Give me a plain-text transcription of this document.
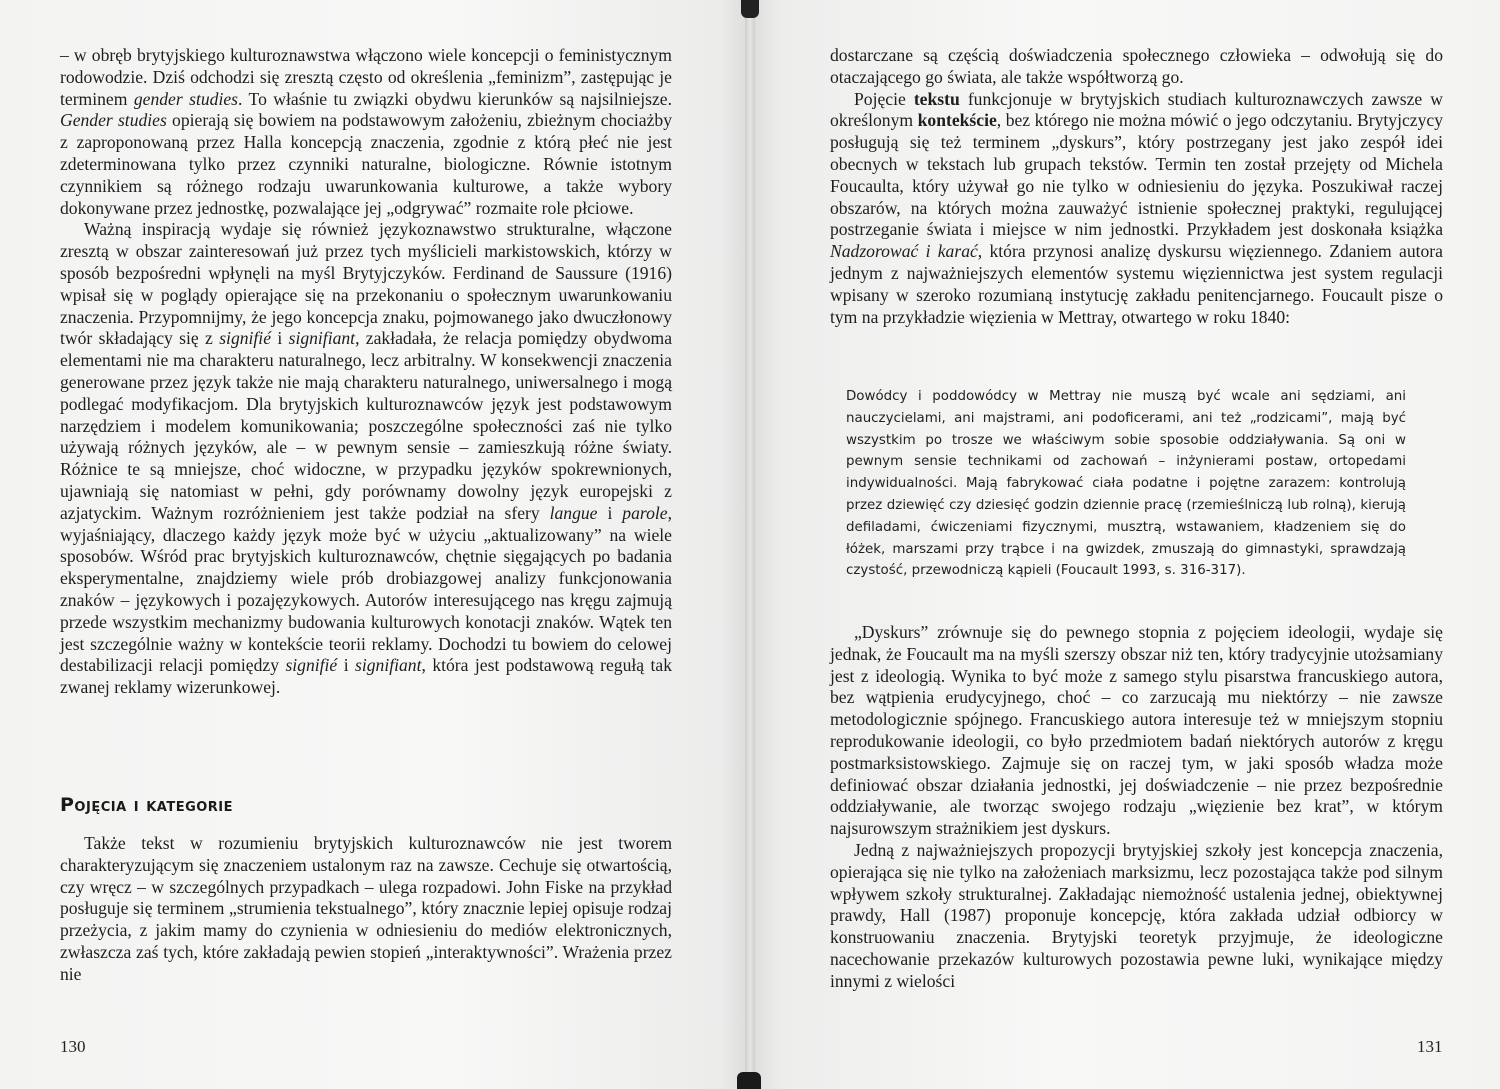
– w obręb brytyjskiego kulturoznawstwa włączono wiele koncepcji o feministycznym rodowodzie. Dziś odchodzi się zresztą często od określenia „feminizm”, zastępując je terminem gender studies. To właśnie tu związki obydwu kierunków są najsilniejsze. Gender studies opierają się bowiem na podstawowym założeniu, zbieżnym chociażby z zaproponowaną przez Halla koncepcją znaczenia, zgodnie z którą płeć nie jest zdeterminowana tylko przez czynniki naturalne, biologiczne. Równie istotnym czynnikiem są różnego rodzaju uwarunkowania kulturowe, a także wybory dokonywane przez jednostkę, pozwalające jej „odgrywać” rozmaite role płciowe.

Ważną inspiracją wydaje się również językoznawstwo strukturalne, włączone zresztą w obszar zainteresowań już przez tych myślicieli markistowskich, którzy w sposób bezpośredni wpłynęli na myśl Brytyjczyków. Ferdinand de Saussure (1916) wpisał się w poglądy opierające się na przekonaniu o społecznym uwarunkowaniu znaczenia. Przypomnijmy, że jego koncepcja znaku, pojmowanego jako dwuczłonowy twór składający się z signifié i signifiant, zakładała, że relacja pomiędzy obydwoma elementami nie ma charakteru naturalnego, lecz arbitralny. W konsekwencji znaczenia generowane przez język także nie mają charakteru naturalnego, uniwersalnego i mogą podlegać modyfikacjom. Dla brytyjskich kulturoznawców język jest podstawowym narzędziem i modelem komunikowania; poszczególne społeczności zaś nie tylko używają różnych języków, ale – w pewnym sensie – zamieszkują różne światy. Różnice te są mniejsze, choć widoczne, w przypadku języków spokrewnionych, ujawniają się natomiast w pełni, gdy porównamy dowolny język europejski z azjatyckim. Ważnym rozróżnieniem jest także podział na sfery langue i parole, wyjaśniający, dlaczego każdy język może być w użyciu „aktualizowany” na wiele sposobów. Wśród prac brytyjskich kulturoznawców, chętnie sięgających po badania eksperymentalne, znajdziemy wiele prób drobiazgowej analizy funkcjonowania znaków – językowych i pozajęzykowych. Autorów interesującego nas kręgu zajmują przede wszystkim mechanizmy budowania kulturowych konotacji znaków. Wątek ten jest szczególnie ważny w kontekście teorii reklamy. Dochodzi tu bowiem do celowej destabilizacji relacji pomiędzy signifié i signifiant, która jest podstawową regułą tak zwanej reklamy wizerunkowej.

Pojęcia i kategorie

Także tekst w rozumieniu brytyjskich kulturoznawców nie jest tworem charakteryzującym się znaczeniem ustalonym raz na zawsze. Cechuje się otwartością, czy wręcz – w szczególnych przypadkach – ulega rozpadowi. John Fiske na przykład posługuje się terminem „strumienia tekstualnego”, który znacznie lepiej opisuje rodzaj przeżycia, z jakim mamy do czynienia w odniesieniu do mediów elektronicznych, zwłaszcza zaś tych, które zakładają pewien stopień „interaktywności”. Wrażenia przez nie

130

dostarczane są częścią doświadczenia społecznego człowieka – odwołują się do otaczającego go świata, ale także współtworzą go.

Pojęcie tekstu funkcjonuje w brytyjskich studiach kulturoznawczych zawsze w określonym kontekście, bez którego nie można mówić o jego odczytaniu. Brytyjczycy posługują się też terminem „dyskurs”, który postrzegany jest jako zespół idei obecnych w tekstach lub grupach tekstów. Termin ten został przejęty od Michela Foucaulta, który używał go nie tylko w odniesieniu do języka. Poszukiwał raczej obszarów, na których można zauważyć istnienie społecznej praktyki, regulującej postrzeganie świata i miejsce w nim jednostki. Przykładem jest doskonała książka Nadzorować i karać, która przynosi analizę dyskursu więziennego. Zdaniem autora jednym z najważniejszych elementów systemu więziennictwa jest system regulacji wpisany w szeroko rozumianą instytucję zakładu penitencjarnego. Foucault pisze o tym na przykładzie więzienia w Mettray, otwartego w roku 1840:

Dowódcy i poddowódcy w Mettray nie muszą być wcale ani sędziami, ani nauczycielami, ani majstrami, ani podoficerami, ani też „rodzicami”, mają być wszystkim po trosze we właściwym sobie sposobie oddziaływania. Są oni w pewnym sensie technikami od zachowań – inżynierami postaw, ortopedami indywidualności. Mają fabrykować ciała podatne i pojętne zarazem: kontrolują przez dziewięć czy dziesięć godzin dziennie pracę (rzemieślniczą lub rolną), kierują defiladami, ćwiczeniami fizycznymi, musztrą, wstawaniem, kładzeniem się do łóżek, marszami przy trąbce i na gwizdek, zmuszają do gimnastyki, sprawdzają czystość, przewodniczą kąpieli (Foucault 1993, s. 316-317).

„Dyskurs” zrównuje się do pewnego stopnia z pojęciem ideologii, wydaje się jednak, że Foucault ma na myśli szerszy obszar niż ten, który tradycyjnie utożsamiany jest z ideologią. Wynika to być może z samego stylu pisarstwa francuskiego autora, bez wątpienia erudycyjnego, choć – co zarzucają mu niektórzy – nie zawsze metodologicznie spójnego. Francuskiego autora interesuje też w mniejszym stopniu reprodukowanie ideologii, co było przedmiotem badań niektórych autorów z kręgu postmarksistowskiego. Zajmuje się on raczej tym, w jaki sposób władza może definiować obszar działania jednostki, jej doświadczenie – nie przez bezpośrednie oddziaływanie, ale tworząc swojego rodzaju „więzienie bez krat”, w którym najsurowszym strażnikiem jest dyskurs.

Jedną z najważniejszych propozycji brytyjskiej szkoły jest koncepcja znaczenia, opierająca się nie tylko na założeniach marksizmu, lecz pozostająca także pod silnym wpływem szkoły strukturalnej. Zakładając niemożność ustalenia jednej, obiektywnej prawdy, Hall (1987) proponuje koncepcję, która zakłada udział odbiorcy w konstruowaniu znaczenia. Brytyjski teoretyk przyjmuje, że ideologiczne nacechowanie przekazów kulturowych pozostawia pewne luki, wynikające między innymi z wielości

131
